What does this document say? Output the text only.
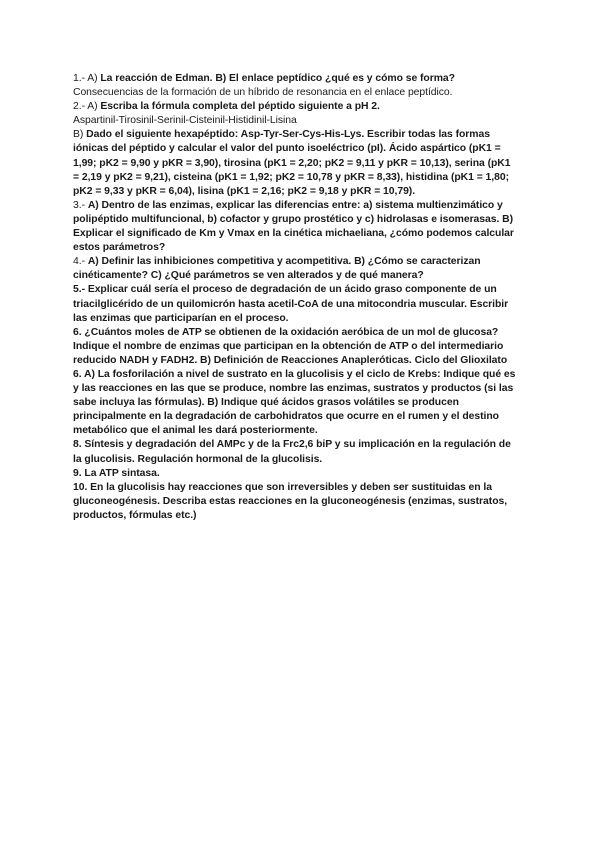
1.- A) La reacción de Edman. B) El enlace peptídico ¿qué es y cómo se forma?
Consecuencias de la formación de un híbrido de resonancia en el enlace peptídico.
2.- A) Escriba la fórmula completa del péptido siguiente a pH 2.
Aspartinil-Tirosinil-Serinil-Cisteinil-Histidinil-Lisina
B) Dado el siguiente hexapéptido: Asp-Tyr-Ser-Cys-His-Lys. Escribir todas las formas
iónicas del péptido y calcular el valor del punto isoeléctrico (pI). Ácido aspártico (pK1 =
1,99; pK2 = 9,90 y pKR = 3,90), tirosina (pK1 = 2,20; pK2 = 9,11 y pKR = 10,13), serina (pK1
= 2,19 y pK2 = 9,21), cisteina (pK1 = 1,92; pK2 = 10,78 y pKR = 8,33), histidina (pK1 = 1,80;
pK2 = 9,33 y pKR = 6,04), lisina (pK1 = 2,16; pK2 = 9,18 y pKR = 10,79).
3.- A) Dentro de las enzimas, explicar las diferencias entre: a) sistema multienzimático y
polipéptido multifuncional, b) cofactor y grupo prostético y c) hidrolasas e isomerasas. B)
Explicar el significado de Km y Vmax en la cinética michaeliana, ¿cómo podemos calcular
estos parámetros?
4.- A) Definir las inhibiciones competitiva y acompetitiva. B) ¿Cómo se caracterizan
cinéticamente? C) ¿Qué parámetros se ven alterados y de qué manera?
5.- Explicar cuál sería el proceso de degradación de un ácido graso componente de un
triacilglicérido de un quilomicrón hasta acetil-CoA de una mitocondria muscular. Escribir
las enzimas que participarían en el proceso.
6. ¿Cuántos moles de ATP se obtienen de la oxidación aeróbica de un mol de glucosa?
Indique el nombre de enzimas que participan en la obtención de ATP o del intermediario
reducido NADH y FADH2. B) Definición de Reacciones Anapleróticas. Ciclo del Glioxilato
6. A) La fosforilación a nivel de sustrato en la glucolisis y el ciclo de Krebs: Indique qué es
y las reacciones en las que se produce, nombre las enzimas, sustratos y productos (si las
sabe incluya las fórmulas). B) Indique qué ácidos grasos volátiles se producen
principalmente en la degradación de carbohidratos que ocurre en el rumen y el destino
metabólico que el animal les dará posteriormente.
8. Síntesis y degradación del AMPc y de la Frc2,6 biP y su implicación en la regulación de
la glucolisis. Regulación hormonal de la glucolisis.
9. La ATP sintasa.
10. En la glucolisis hay reacciones que son irreversibles y deben ser sustituidas en la
gluconeogénesis. Describa estas reacciones en la gluconeogénesis (enzimas, sustratos,
productos, fórmulas etc.)
